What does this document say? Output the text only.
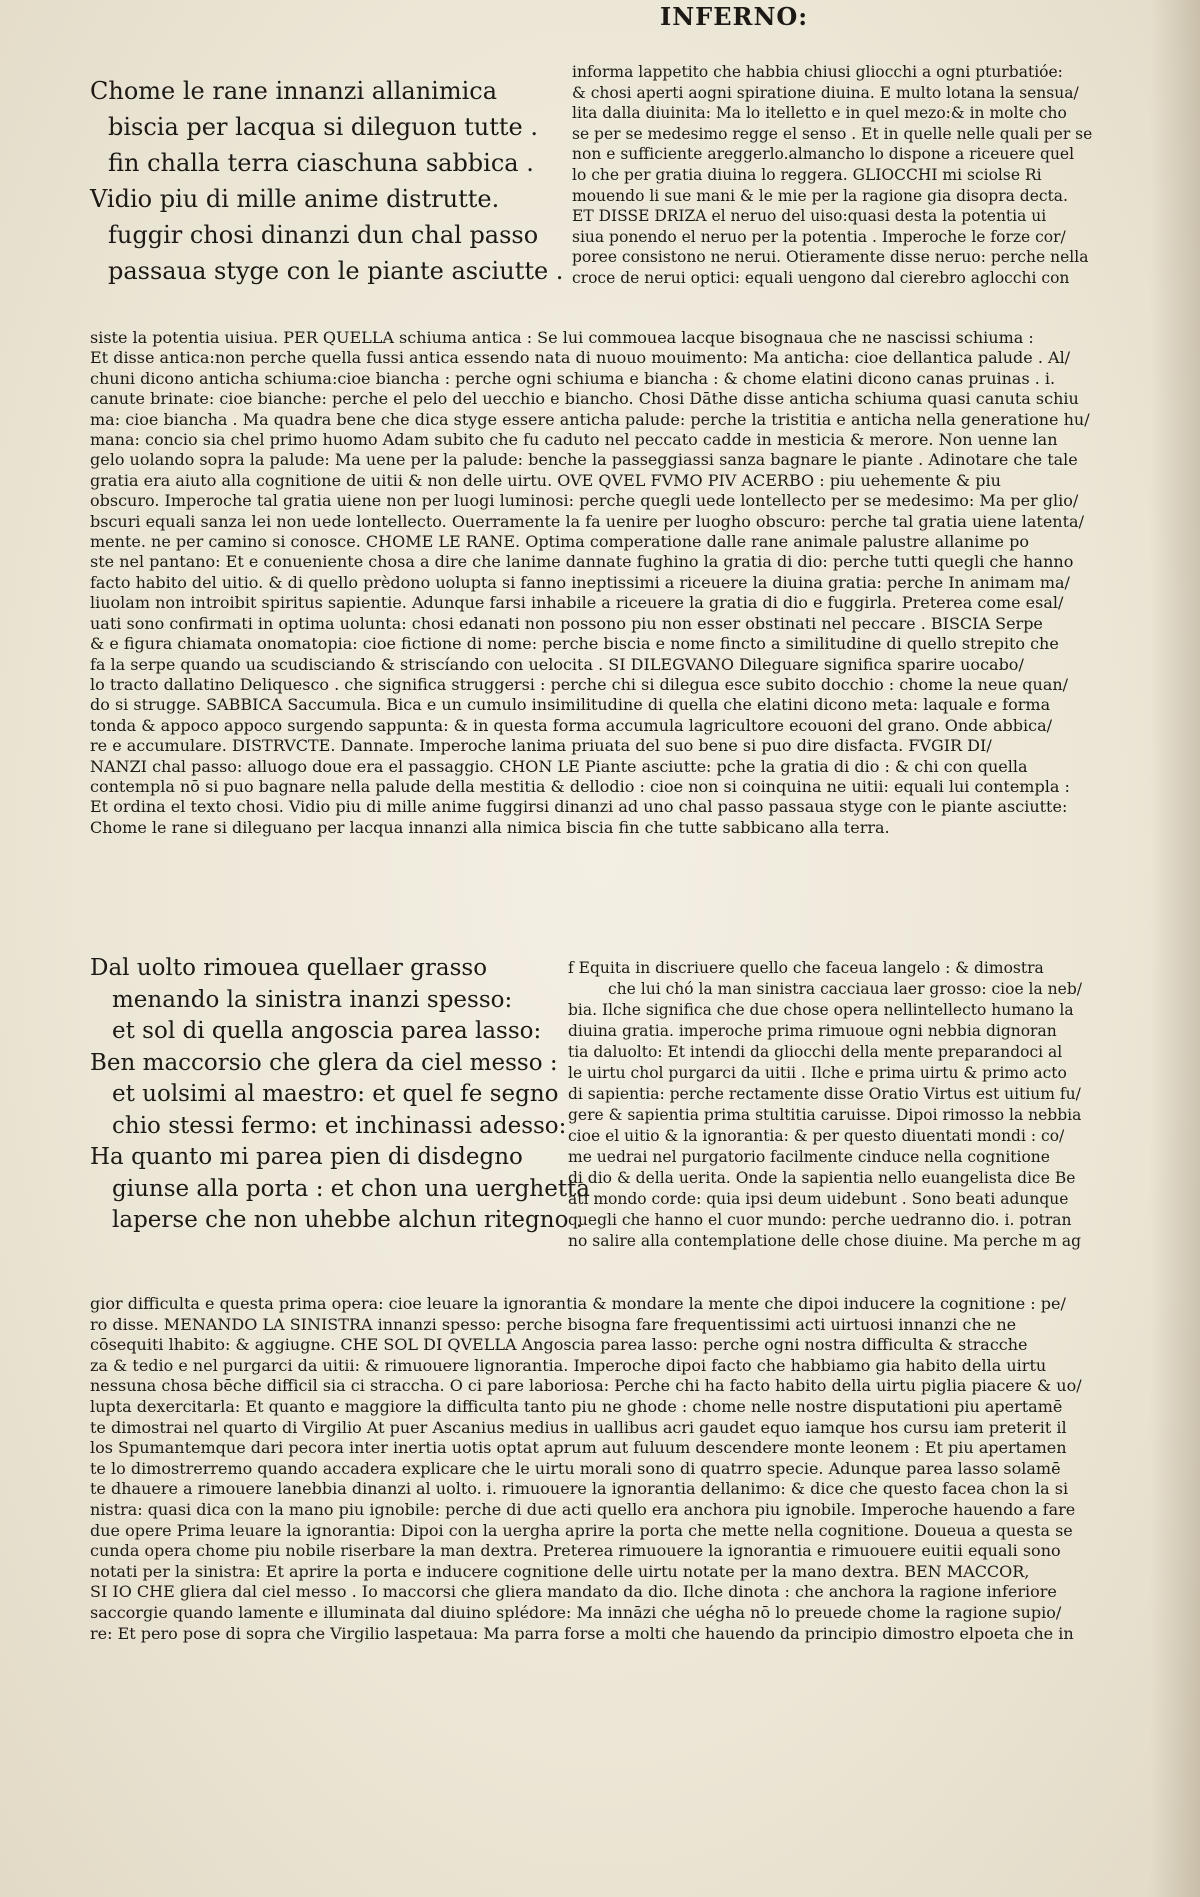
INFERNO:
Chome le rane innanzi allanimica
biscia per lacqua si dileguon tutte .
fin challa terra ciaschuna sabbica .
Vidio piu di mille anime distrutte.
fuggir chosi dinanzi dun chal passo
passaua styge con le piante asciutte .
informa lappetito che habbia chiusi gliocchi a ogni pturbatióe:
& chosi aperti aogni spiratione diuina. E multo lotana la sensua/
lita dalla diuinita: Ma lo itelletto e in quel mezo:& in molte cho
se per se medesimo regge el senso . Et in quelle nelle quali per se
non e sufficiente areggerlo.almancho lo dispone a riceuere quel
lo che per gratia diuina lo reggera. GLIOCCHI mi sciolse Ri
mouendo li sue mani & le mie per la ragione gia disopra decta.
ET DISSE DRIZA el neruo del uiso:quasi desta la potentia ui
siua ponendo el neruo per la potentia . Imperoche le forze cor/
poree consistono ne nerui. Otieramente disse neruo: perche nella
croce de nerui optici: equali uengono dal cierebro aglocchi con
siste la potentia uisiua. PER QUELLA schiuma antica : Se lui commouea lacque bisognaua che ne nascissi schiuma :
Et disse antica:non perche quella fussi antica essendo nata di nuouo mouimento: Ma anticha: cioe dellantica palude . Al/
chuni dicono anticha schiuma:cioe biancha : perche ogni schiuma e biancha : & chome elatini dicono canas pruinas . i.
canute brinate: cioe bianche: perche el pelo del uecchio e biancho. Chosi Dāthe disse anticha schiuma quasi canuta schiu
ma: cioe biancha . Ma quadra bene che dica styge essere anticha palude: perche la tristitia e anticha nella generatione hu/
mana: concio sia chel primo huomo Adam subito che fu caduto nel peccato cadde in mesticia & merore. Non uenne lan
gelo uolando sopra la palude: Ma uene per la palude: benche la passeggiassi sanza bagnare le piante . Adinotare che tale
gratia era aiuto alla cognitione de uitii & non delle uirtu. OVE QVEL FVMO PIV ACERBO : piu uehemente & piu
obscuro. Imperoche tal gratia uiene non per luogi luminosi: perche quegli uede lontellecto per se medesimo: Ma per glio/
bscuri equali sanza lei non uede lontellecto. Ouerramente la fa uenire per luogho obscuro: perche tal gratia uiene latenta/
mente. ne per camino si conosce. CHOME LE RANE. Optima comperatione dalle rane animale palustre allanime po
ste nel pantano: Et e conueniente chosa a dire che lanime dannate fughino la gratia di dio: perche tutti quegli che hanno
facto habito del uitio. & di quello prèdono uolupta si fanno ineptissimi a riceuere la diuina gratia: perche In animam ma/
liuolam non introibit spiritus sapientie. Adunque farsi inhabile a riceuere la gratia di dio e fuggirla. Preterea come esal/
uati sono confirmati in optima uolunta: chosi edanati non possono piu non esser obstinati nel peccare . BISCIA Serpe
& e figura chiamata onomatopia: cioe fictione di nome: perche biscia e nome fincto a similitudine di quello strepito che
fa la serpe quando ua scudisciando & striscíando con uelocita . SI DILEGVANO Dileguare significa sparire uocabo/
lo tracto dallatino Deliquesco . che significa struggersi : perche chi si dilegua esce subito docchio : chome la neue quan/
do si strugge. SABBICA Saccumula. Bica e un cumulo insimilitudine di quella che elatini dicono meta: laquale e forma
tonda & appoco appoco surgendo sappunta: & in questa forma accumula lagricultore ecouoni del grano. Onde abbica/
re e accumulare. DISTRVCTE. Dannate. Imperoche lanima priuata del suo bene si puo dire disfacta. FVGIR DI/
NANZI chal passo: alluogo doue era el passaggio. CHON LE Piante asciutte: pche la gratia di dio : & chi con quella
contempla nō si puo bagnare nella palude della mestitia & dellodio : cioe non si coinquina ne uitii: equali lui contempla :
Et ordina el texto chosi. Vidio piu di mille anime fuggirsi dinanzi ad uno chal passo passaua styge con le piante asciutte:
Chome le rane si dileguano per lacqua innanzi alla nimica biscia fin che tutte sabbicano alla terra.
Dal uolto rimouea quellaer grasso
menando la sinistra inanzi spesso:
et sol di quella angoscia parea lasso:
Ben maccorsio che glera da ciel messo :
et uolsimi al maestro: et quel fe segno
chio stessi fermo: et inchinassi adesso:
Ha quanto mi parea pien di disdegno
giunse alla porta : et chon una uerghetta
laperse che non uhebbe alchun ritegno .
f Equita in discriuere quello che faceua langelo : & dimostra
che lui chó la man sinistra cacciaua laer grosso: cioe la neb/
bia. Ilche significa che due chose opera nellintellecto humano la
diuina gratia. imperoche prima rimuoue ogni nebbia dignoran
tia daluolto: Et intendi da gliocchi della mente preparandoci al
le uirtu chol purgarci da uitii . Ilche e prima uirtu & primo acto
di sapientia: perche rectamente disse Oratio Virtus est uitium fu/
gere & sapientia prima stultitia caruisse. Dipoi rimosso la nebbia
cioe el uitio & la ignorantia: & per questo diuentati mondi : co/
me uedrai nel purgatorio facilmente cinduce nella cognitione
di dio & della uerita. Onde la sapientia nello euangelista dice Be
ati mondo corde: quia ipsi deum uidebunt . Sono beati adunque
quegli che hanno el cuor mundo: perche uedranno dio. i. potran
no salire alla contemplatione delle chose diuine. Ma perche m ag
gior difficulta e questa prima opera: cioe leuare la ignorantia & mondare la mente che dipoi inducere la cognitione : pe/
ro disse. MENANDO LA SINISTRA innanzi spesso: perche bisogna fare frequentissimi acti uirtuosi innanzi che ne
cōsequiti lhabito: & aggiugne. CHE SOL DI QVELLA Angoscia parea lasso: perche ogni nostra difficulta & stracche
za & tedio e nel purgarci da uitii: & rimuouere lignorantia. Imperoche dipoi facto che habbiamo gia habito della uirtu
nessuna chosa bēche difficil sia ci straccha. O ci pare laboriosa: Perche chi ha facto habito della uirtu piglia piacere & uo/
lupta dexercitarla: Et quanto e maggiore la difficulta tanto piu ne ghode : chome nelle nostre disputationi piu apertamē
te dimostrai nel quarto di Virgilio At puer Ascanius medius in uallibus acri gaudet equo iamque hos cursu iam preterit il
los Spumantemque dari pecora inter inertia uotis optat aprum aut fuluum descendere monte leonem : Et piu apertamen
te lo dimostrerremo quando accadera explicare che le uirtu morali sono di quatrro specie. Adunque parea lasso solamē
te dhauere a rimouere lanebbia dinanzi al uolto. i. rimuouere la ignorantia dellanimo: & dice che questo facea chon la si
nistra: quasi dica con la mano piu ignobile: perche di due acti quello era anchora piu ignobile. Imperoche hauendo a fare
due opere Prima leuare la ignorantia: Dipoi con la uergha aprire la porta che mette nella cognitione. Doueua a questa se
cunda opera chome piu nobile riserbare la man dextra. Preterea rimuouere la ignorantia e rimuouere euitii equali sono
notati per la sinistra: Et aprire la porta e inducere cognitione delle uirtu notate per la mano dextra. BEN MACCOR,
SI IO CHE gliera dal ciel messo . Io maccorsi che gliera mandato da dio. Ilche dinota : che anchora la ragione inferiore
saccorgie quando lamente e illuminata dal diuino splédore: Ma innāzi che uégha nō lo preuede chome la ragione supio/
re: Et pero pose di sopra che Virgilio laspetaua: Ma parra forse a molti che hauendo da principio dimostro elpoeta che in
